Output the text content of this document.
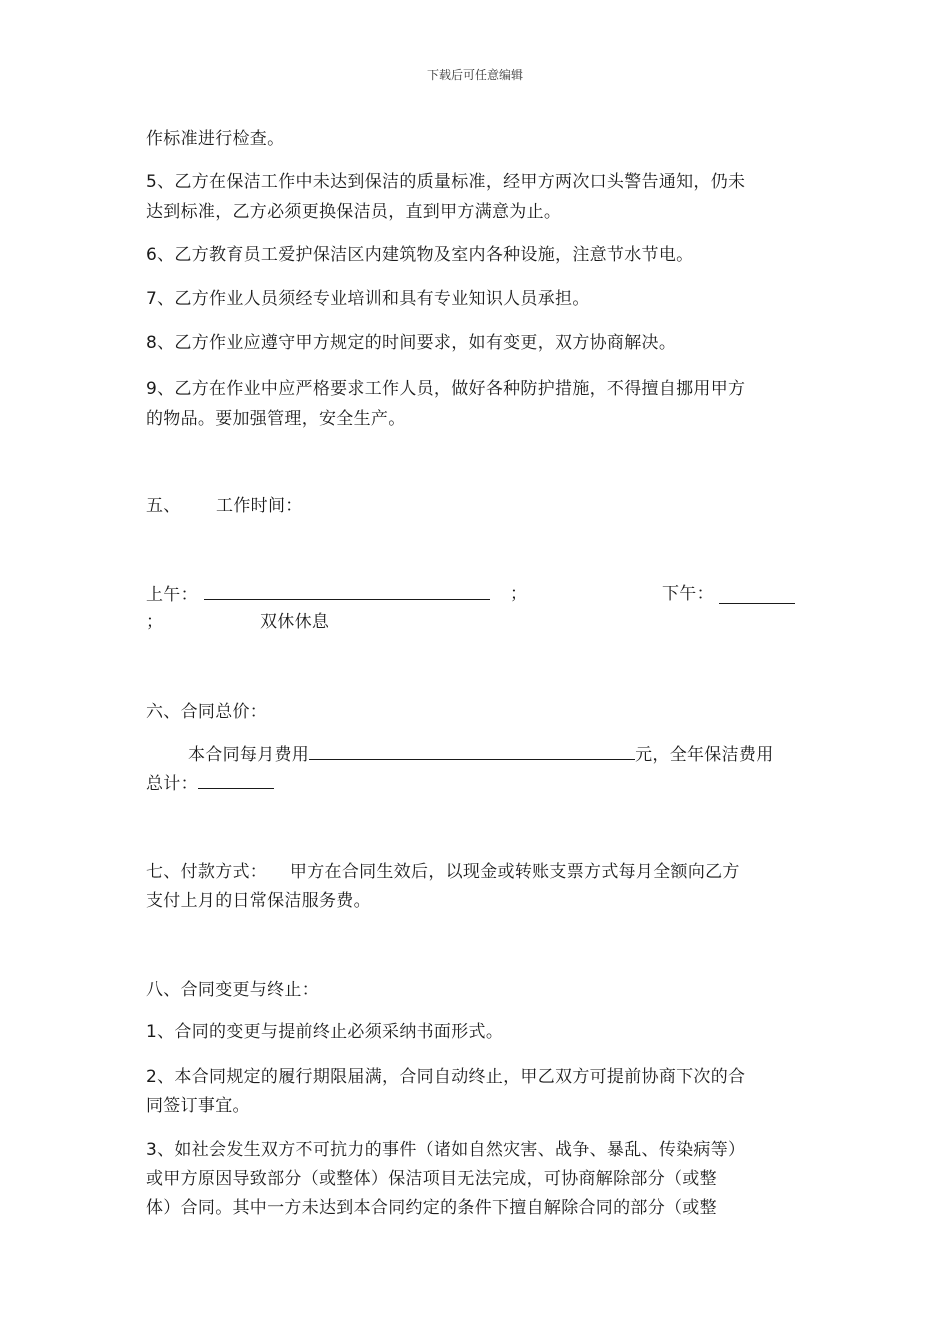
下载后可任意编辑
作标准进行检查。
5、乙方在保洁工作中未达到保洁的质量标准，经甲方两次口头警告通知，仍未
达到标准，乙方必须更换保洁员，直到甲方满意为止。
6、乙方教育员工爱护保洁区内建筑物及室内各种设施，注意节水节电。
7、乙方作业人员须经专业培训和具有专业知识人员承担。
8、乙方作业应遵守甲方规定的时间要求，如有变更，双方协商解决。
9、乙方在作业中应严格要求工作人员，做好各种防护措施，不得擅自挪用甲方
的物品。要加强管理，安全生产。
五、 工作时间：
上午：	；	下午：
；	双休休息
六、合同总价：
本合同每月费用	元，全年保洁费用
总计：
七、付款方式：    甲方在合同生效后，以现金或转账支票方式每月全额向乙方
支付上月的日常保洁服务费。
八、合同变更与终止：
1、合同的变更与提前终止必须采纳书面形式。
2、本合同规定的履行期限届满，合同自动终止，甲乙双方可提前协商下次的合
同签订事宜。
3、如社会发生双方不可抗力的事件（诸如自然灾害、战争、暴乱、传染病等）
或甲方原因导致部分（或整体）保洁项目无法完成，可协商解除部分（或整
体）合同。其中一方未达到本合同约定的条件下擅自解除合同的部分（或整
